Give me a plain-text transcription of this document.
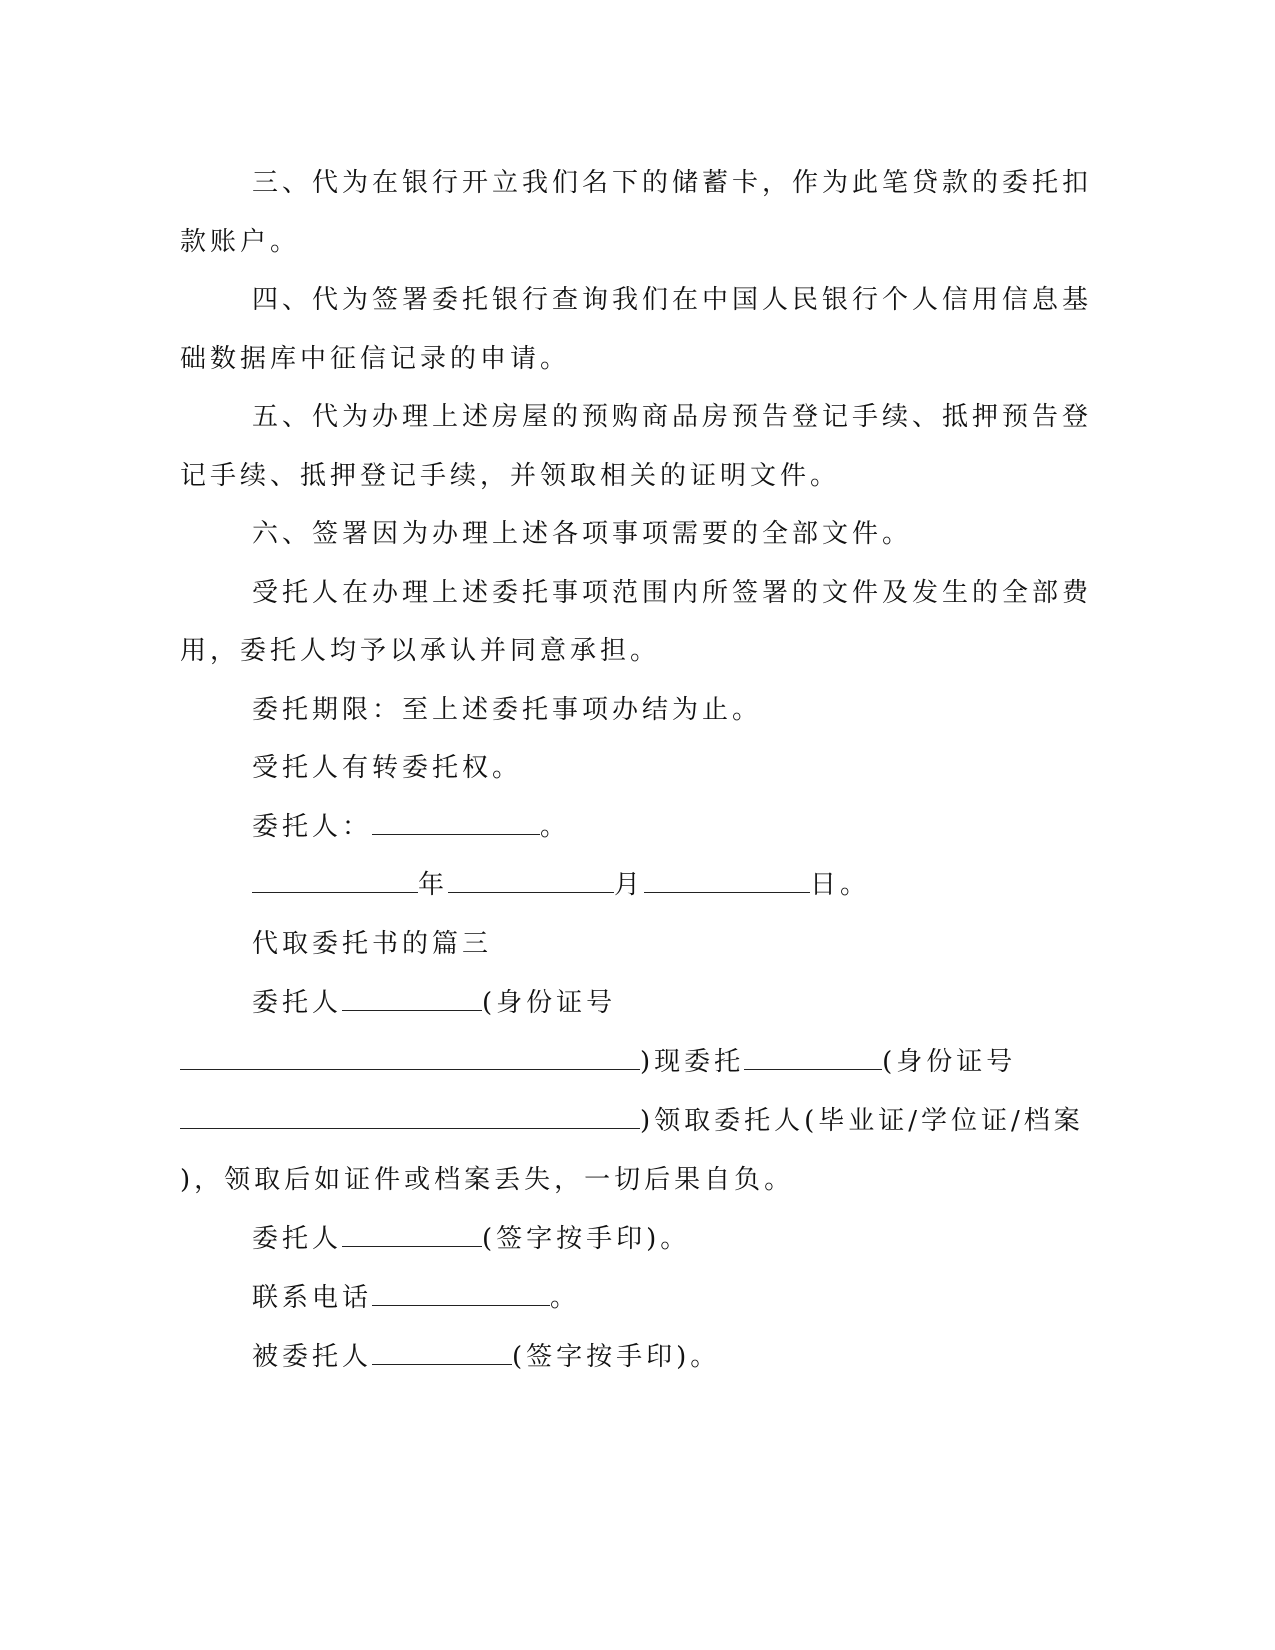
三、代为在银行开立我们名下的储蓄卡，作为此笔贷款的委托扣
款账户。
四、代为签署委托银行查询我们在中国人民银行个人信用信息基
础数据库中征信记录的申请。
五、代为办理上述房屋的预购商品房预告登记手续、抵押预告登
记手续、抵押登记手续，并领取相关的证明文件。
六、签署因为办理上述各项事项需要的全部文件。
受托人在办理上述委托事项范围内所签署的文件及发生的全部费
用，委托人均予以承认并同意承担。
委托期限：至上述委托事项办结为止。
受托人有转委托权。
委托人：	。
年	月	日。
代取委托书的篇三
委托人	(身份证号
)现委托	(身份证号
)领取委托人(毕业证/学位证/档案
)，领取后如证件或档案丢失，一切后果自负。
委托人	(签字按手印)。
联系电话	。
被委托人	(签字按手印)。
